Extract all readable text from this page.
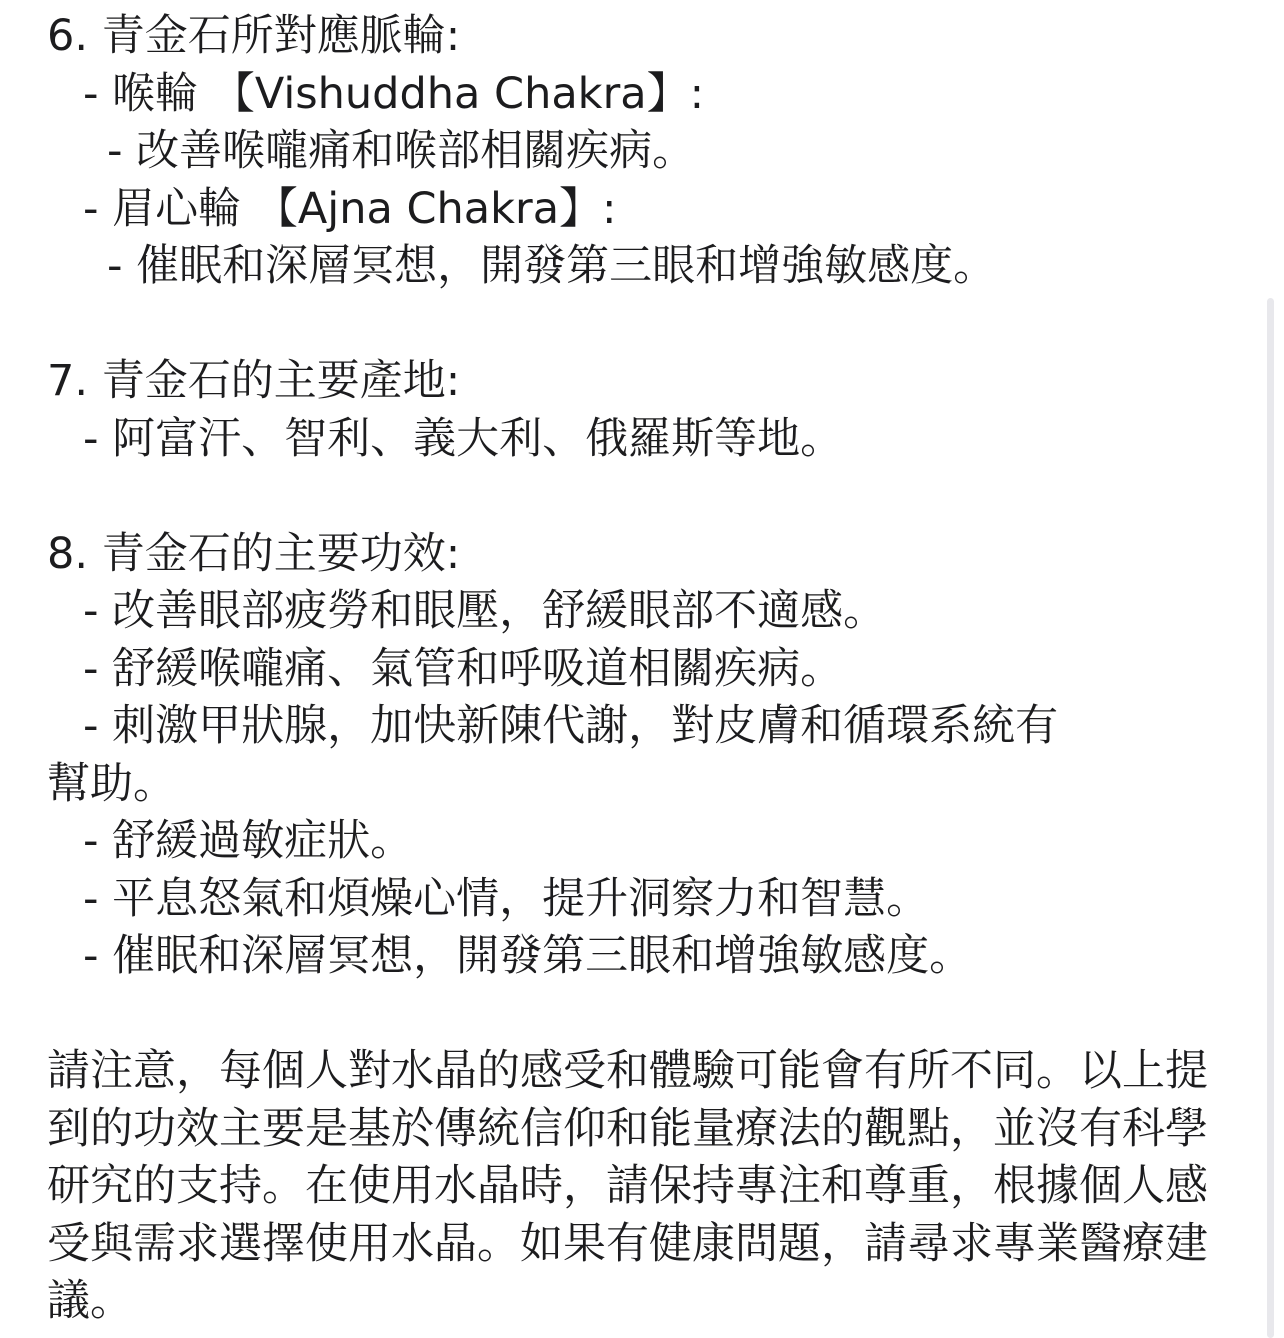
6. 青金石所對應脈輪:
- 喉輪 【Vishuddha Chakra】:
- 改善喉嚨痛和喉部相關疾病。
- 眉心輪 【Ajna Chakra】:
- 催眠和深層冥想，開發第三眼和增強敏感度。
7. 青金石的主要產地:
- 阿富汗、智利、義大利、俄羅斯等地。
8. 青金石的主要功效:
- 改善眼部疲勞和眼壓，舒緩眼部不適感。
- 舒緩喉嚨痛、氣管和呼吸道相關疾病。
- 刺激甲狀腺，加快新陳代謝，對皮膚和循環系統有
幫助。
- 舒緩過敏症狀。
- 平息怒氣和煩燥心情，提升洞察力和智慧。
- 催眠和深層冥想，開發第三眼和增強敏感度。
請注意，每個人對水晶的感受和體驗可能會有所不同。以上提到的功效主要是基於傳統信仰和能量療法的觀點，並沒有科學研究的支持。在使用水晶時，請保持專注和尊重，根據個人感受與需求選擇使用水晶。如果有健康問題，請尋求專業醫療建議。
